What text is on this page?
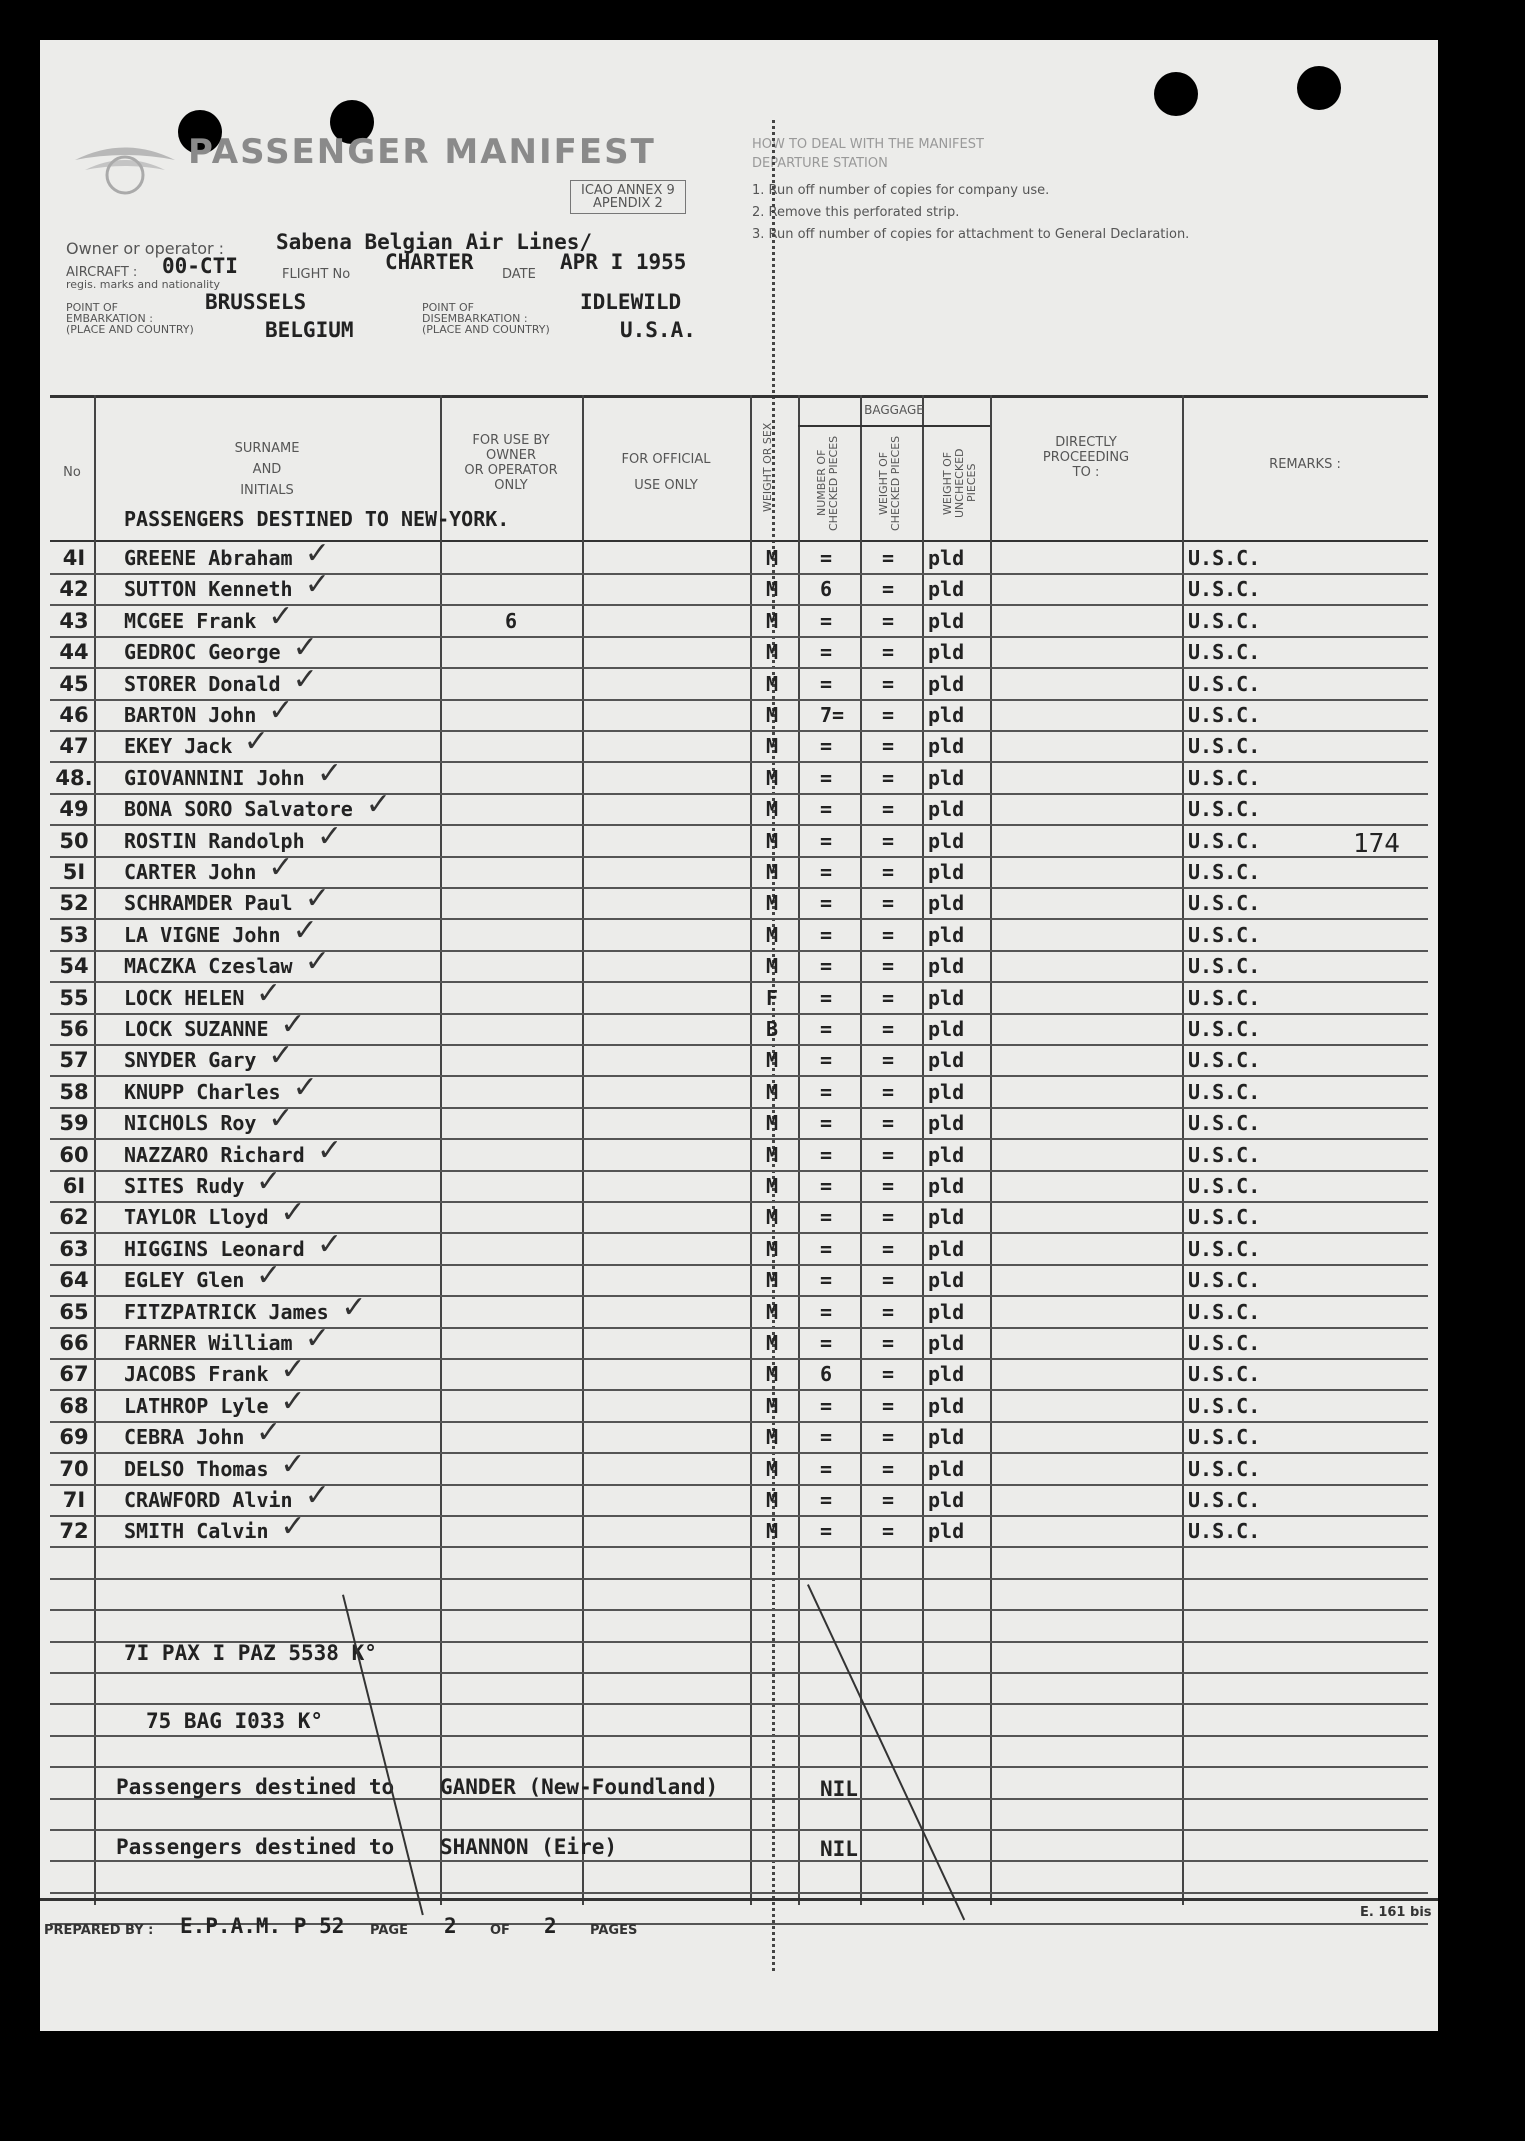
PASSENGER MANIFEST
ICAO ANNEX 9
APENDIX 2
HOW TO DEAL WITH THE MANIFEST
DEPARTURE STATION
1. Run off number of copies for company use.
2. Remove this perforated strip.
3. Run off number of copies for attachment to General Declaration.
Owner or operator : Sabena Belgian Air Lines/
AIRCRAFT :
regis. marks and nationality
00-CTI	FLIGHT No
CHARTER
DATE
APR I 1955
POINT OF
EMBARKATION :
(PLACE AND COUNTRY)
BRUSSELS
BELGIUM
POINT OF
DISEMBARKATION :
(PLACE AND COUNTRY)
IDLEWILD
U.S.A.
No
SURNAME
AND
INITIALS
FOR USE BY
OWNER
OR OPERATOR
ONLY
FOR OFFICIAL
USE ONLY	WEIGHT OR SEX
BAGGAGE
NUMBER OF CHECKED PIECES	WEIGHT OF CHECKED PIECES	WEIGHT OF UNCHECKED PIECES
DIRECTLY
PROCEEDING
TO :
REMARKS :
PASSENGERS DESTINED TO NEW-YORK.
4I	GREENE Abraham	M = = pld	U.S.C.
✓
42 SUTTON Kenneth	M 6 = pld	U.S.C.
✓
43 MCGEE Frank	6	M = = pld	U.S.C.
✓
44 GEDROC George	M = = pld	U.S.C.
✓
45 STORER Donald	M = = pld	U.S.C.
✓
46 BARTON John	M 7= = pld	U.S.C.
✓
47 EKEY Jack	M = = pld	U.S.C.
✓
48. GIOVANNINI John	M = = pld	U.S.C.
✓
49 BONA SORO Salvatore	M = = pld	U.S.C.
✓
50 ROSTIN Randolph	M = = pld	U.S.C.
✓
5I	CARTER John	M = = pld	U.S.C.
✓
52 SCHRAMDER Paul	M = = pld	U.S.C.
✓
53 LA VIGNE John	M = = pld	U.S.C.
✓
54 MACZKA Czeslaw	M = = pld	U.S.C.
✓
55 LOCK HELEN	F = = pld	U.S.C.
✓
56 LOCK SUZANNE	B = = pld	U.S.C.
✓
57 SNYDER Gary	M = = pld	U.S.C.
✓
58 KNUPP Charles	M = = pld	U.S.C.
✓
59 NICHOLS Roy	M = = pld	U.S.C.
✓
60 NAZZARO Richard	M = = pld	U.S.C.
✓
6I	SITES Rudy	M = = pld	U.S.C.
✓
62 TAYLOR Lloyd	M = = pld	U.S.C.
✓
63 HIGGINS Leonard	M = = pld	U.S.C.
✓
64 EGLEY Glen	M = = pld	U.S.C.
✓
65 FITZPATRICK James	M = = pld	U.S.C.
✓
66 FARNER William	M = = pld	U.S.C.
✓
67 JACOBS Frank	M 6 = pld	U.S.C.
✓
68 LATHROP Lyle	M = = pld	U.S.C.
✓
69 CEBRA John	M = = pld	U.S.C.
✓
70 DELSO Thomas	M = = pld	U.S.C.
✓
7I	CRAWFORD Alvin	M = = pld	U.S.C.
✓
72 SMITH Calvin	M = = pld	U.S.C.
✓
174
7I PAX I PAZ 5538 K°
75 BAG I033 K°
Passengers destined to GANDER (New-Foundland)	NIL
Passengers destined to SHANNON (Eire)	NIL
PREPARED BY : E.P.A.M. P 52 PAGE 2	OF 2	PAGES
E. 161 bis
